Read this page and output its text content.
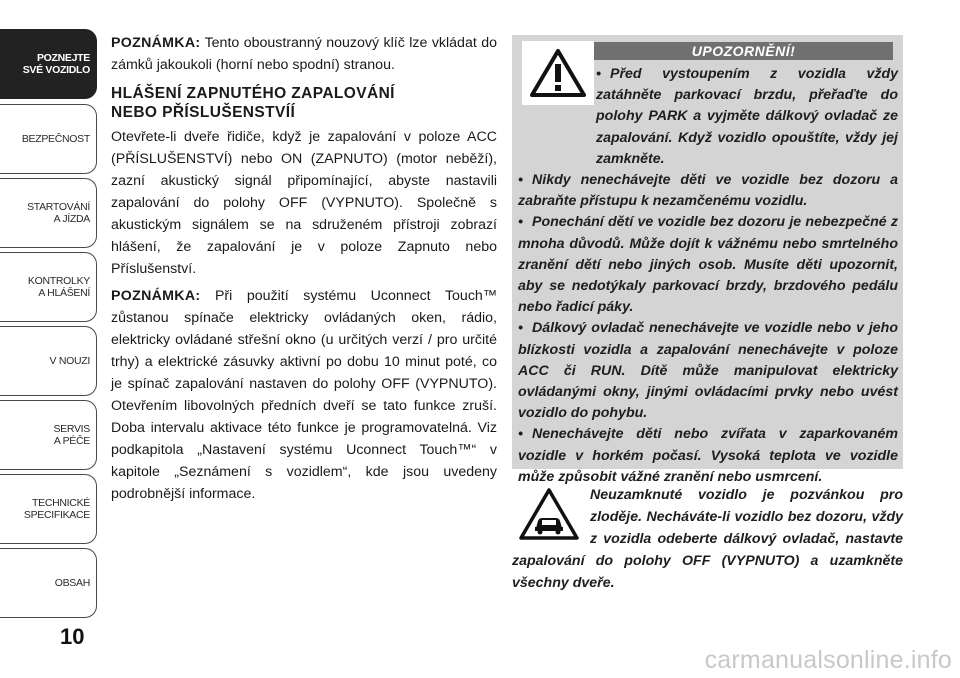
POZNEJTE
SVÉ VOZIDLO
BEZPEČNOST
STARTOVÁNÍ
A JÍZDA
KONTROLKY
A HLÁŠENÍ
V NOUZI
SERVIS
A PÉČE
TECHNICKÉ
SPECIFIKACE
OBSAH
10

POZNÁMKA: Tento oboustranný nouzový klíč lze vkládat do zámků jakoukoli (horní nebo spodní) stranou.

HLÁŠENÍ ZAPNUTÉHO ZAPALOVÁNÍ
NEBO PŘÍSLUŠENSTVÍÍ

Otevřete-li dveře řidiče, když je zapalování v poloze ACC (PŘÍSLUŠENSTVÍ) nebo ON (ZAPNUTO) (motor neběží), zazní akustický signál připomínající, abyste nastavili zapalování do polohy OFF (VYPNUTO). Společně s akustickým signálem se na sdruženém přístroji zobrazí hlášení, že zapalování je v poloze Zapnuto nebo Příslušenství.

POZNÁMKA: Při použití systému Uconnect Touch™ zůstanou spínače elektricky ovládaných oken, rádio, elektricky ovládané střešní okno (u určitých verzí / pro určité trhy) a elektrické zásuvky aktivní po dobu 10 minut poté, co je spínač zapalování nastaven do polohy OFF (VYPNUTO). Otevřením libovolných předních dveří se tato funkce zruší. Doba intervalu aktivace této funkce je programovatelná. Viz podkapitola „Nastavení systému Uconnect Touch™“ v kapitole „Seznámení s vozidlem“, kde jsou uvedeny podrobnější informace.

UPOZORNĚNÍ!

• Před vystoupením z vozidla vždy zatáhněte parkovací brzdu, přeřaďte do polohy PARK a vyjměte dálkový ovladač ze zapalování. Když vozidlo opouštíte, vždy jej zamkněte.

• Nikdy nenechávejte děti ve vozidle bez dozoru a zabraňte přístupu k nezamčenému vozidlu.

• Ponechání dětí ve vozidle bez dozoru je nebezpečné z mnoha důvodů. Může dojít k vážnému nebo smrtelného zranění dětí nebo jiných osob. Musíte děti upozornit, aby se nedotýkaly parkovací brzdy, brzdového pedálu nebo řadicí páky.

• Dálkový ovladač nenechávejte ve vozidle nebo v jeho blízkosti vozidla a zapalování nenechávejte v poloze ACC či RUN. Dítě může manipulovat elektricky ovládanými okny, jinými ovládacími prvky nebo uvést vozidlo do pohybu.

• Nenechávejte děti nebo zvířata v zaparkovaném vozidle v horkém počasí. Vysoká teplota ve vozidle může způsobit vážné zranění nebo usmrcení.

Neuzamknuté vozidlo je pozvánkou pro zloděje. Necháváte-li vozidlo bez dozoru, vždy z vozidla odeberte dálkový ovladač, nastavte zapalování do polohy OFF (VYPNUTO) a uzamkněte všechny dveře.

carmanualsonline.info
